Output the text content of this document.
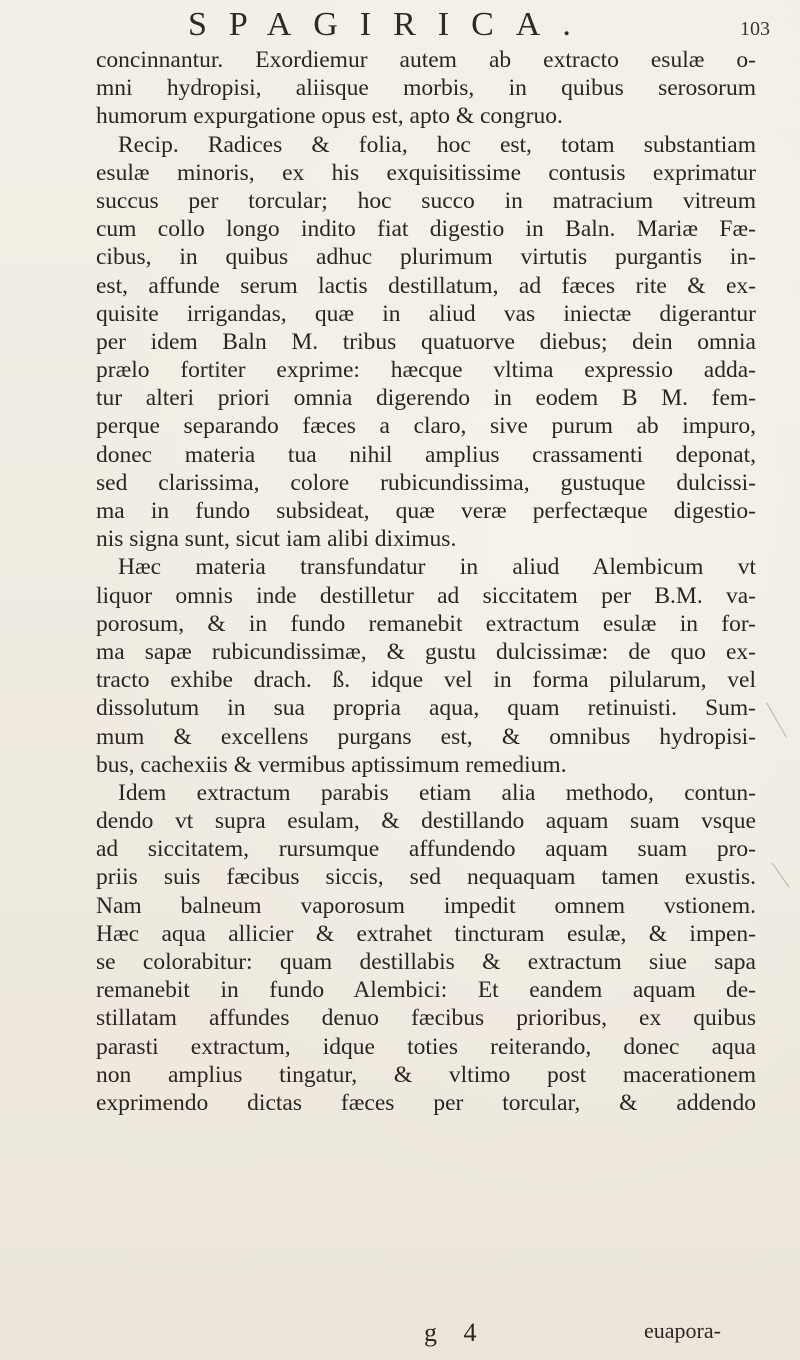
SPAGIRICA.	103
concinnantur. Exordiemur autem ab extracto esulæ o-
mni hydropisi, aliisque morbis, in quibus serosorum
humorum expurgatione opus est, apto & congruo.
Recip. Radices & folia, hoc est, totam substantiam
esulæ minoris, ex his exquisitissime contusis exprimatur
succus per torcular; hoc succo in matracium vitreum
cum collo longo indito fiat digestio in Baln. Mariæ Fæ-
cibus, in quibus adhuc plurimum virtutis purgantis in-
est, affunde serum lactis destillatum, ad fæces rite & ex-
quisite irrigandas, quæ in aliud vas iniectæ digerantur
per idem Baln M. tribus quatuorve diebus; dein omnia
prælo fortiter exprime: hæcque vltima expressio adda-
tur alteri priori omnia digerendo in eodem B M. fem-
perque separando fæces a claro, sive purum ab impuro,
donec materia tua nihil amplius crassamenti deponat,
sed clarissima, colore rubicundissima, gustuque dulcissi-
ma in fundo subsideat, quæ veræ perfectæque digestio-
nis signa sunt, sicut iam alibi diximus.
Hæc materia transfundatur in aliud Alembicum vt
liquor omnis inde destilletur ad siccitatem per B.M. va-
porosum, & in fundo remanebit extractum esulæ in for-
ma sapæ rubicundissimæ, & gustu dulcissimæ: de quo ex-
tracto exhibe drach. ß. idque vel in forma pilularum, vel
dissolutum in sua propria aqua, quam retinuisti. Sum-
mum & excellens purgans est, & omnibus hydropisi-
bus, cachexiis & vermibus aptissimum remedium.
Idem extractum parabis etiam alia methodo, contun-
dendo vt supra esulam, & destillando aquam suam vsque
ad siccitatem, rursumque affundendo aquam suam pro-
priis suis fæcibus siccis, sed nequaquam tamen exustis.
Nam balneum vaporosum impedit omnem vstionem.
Hæc aqua allicier & extrahet tincturam esulæ, & impen-
se colorabitur: quam destillabis & extractum siue sapa
remanebit in fundo Alembici: Et eandem aquam de-
stillatam affundes denuo fæcibus prioribus, ex quibus
parasti extractum, idque toties reiterando, donec aqua
non amplius tingatur, & vltimo post macerationem
exprimendo dictas fæces per torcular, & addendo
g 4	euapora-
